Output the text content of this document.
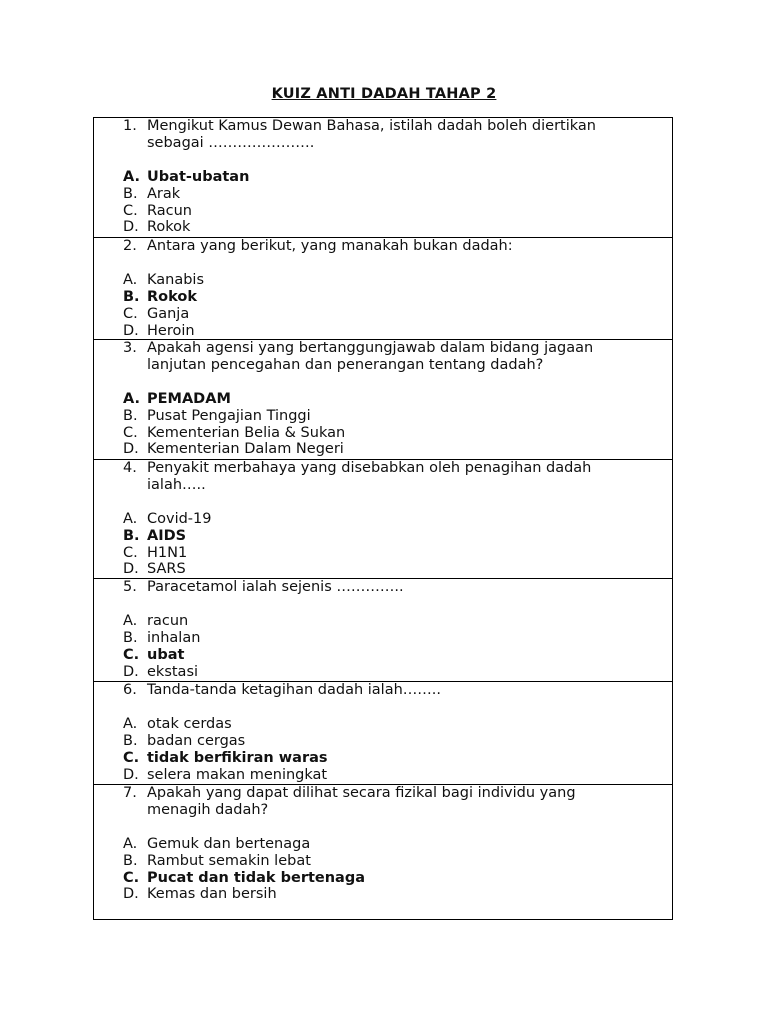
KUIZ ANTI DADAH TAHAP 2
1. Mengikut Kamus Dewan Bahasa, istilah dadah boleh diertikan
sebagai ………………….
A. Ubat-ubatan
B. Arak
C. Racun
D. Rokok
2. Antara yang berikut, yang manakah bukan dadah:
A. Kanabis
B. Rokok
C. Ganja
D. Heroin
3. Apakah agensi yang bertanggungjawab dalam bidang jagaan
lanjutan pencegahan dan penerangan tentang dadah?
A. PEMADAM
B. Pusat Pengajian Tinggi
C. Kementerian Belia & Sukan
D. Kementerian Dalam Negeri
4. Penyakit merbahaya yang disebabkan oleh penagihan dadah
ialah…..
A. Covid-19
B. AIDS
C. H1N1
D. SARS
5. Paracetamol ialah sejenis …………..
A. racun
B. inhalan
C. ubat
D. ekstasi
6. Tanda-tanda ketagihan dadah ialah……..
A. otak cerdas
B. badan cergas
C. tidak berfikiran waras
D. selera makan meningkat
7. Apakah yang dapat dilihat secara fizikal bagi individu yang
menagih dadah?
A. Gemuk dan bertenaga
B. Rambut semakin lebat
C. Pucat dan tidak bertenaga
D. Kemas dan bersih
